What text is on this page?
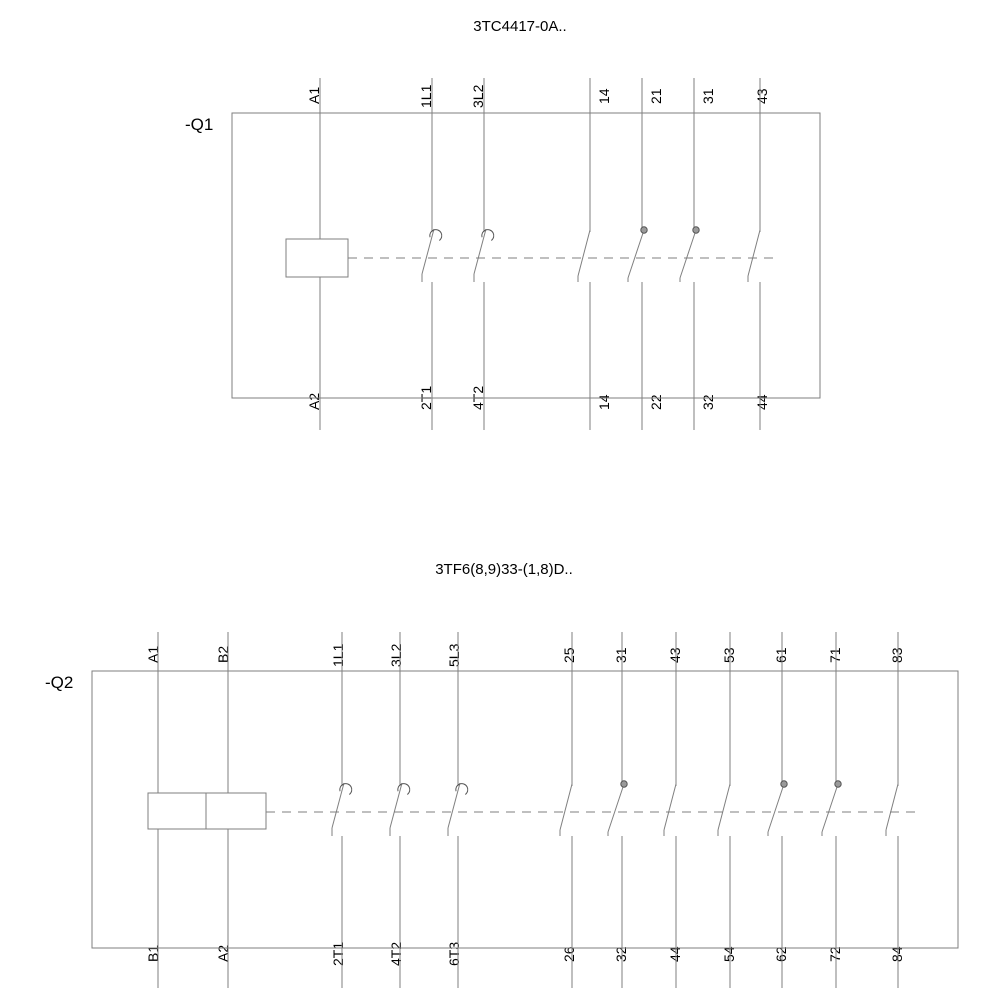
3TC4417-0A..
-Q1
A1	1L1	3L2	14	21	31	43
A2	2T1	4T2	14	22	32	44
3TF6(8,9)33-(1,8)D..
-Q2
A1	B2	1L1	3L2	5L3	25	31	43	53	61	71	83
B1	A2	2T1	4T2	6T3	26	32	44	54	62	72	84
